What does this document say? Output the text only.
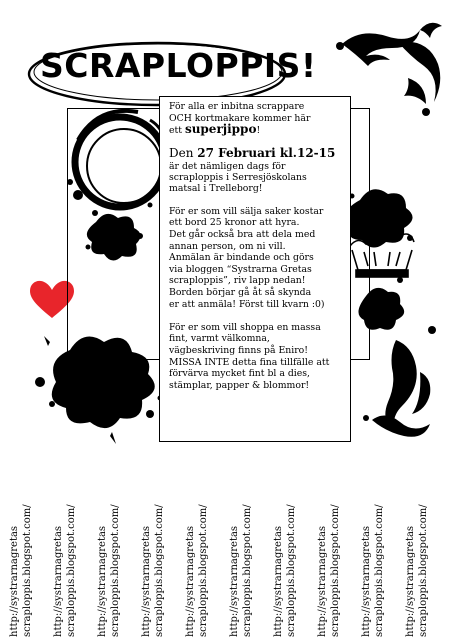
SCRAPLOPPIS!

För alla er inbitna scrappare
OCH kortmakare kommer här
ett superjippo!

Den 27 Februari kl.12-15
är det nämligen dags för
scraploppis i Serresjöskolans
matsal i Trelleborg!

För er som vill sälja saker kostar
ett bord 25 kronor att hyra.
Det går också bra att dela med
annan person, om ni vill.
Anmälan är bindande och görs
via bloggen “Systrarna Gretas
scraploppis”, riv lapp nedan!
Borden börjar gå åt så skynda
er att anmäla! Först till kvarn :0)

För er som vill shoppa en massa
fint, varmt välkomna,
vägbeskriving finns på Eniro!
MISSA INTE detta fina tillfälle att
förvärva mycket fint bl a dies,
stämplar, papper & blommor!

http://systrarnagretas scraploppis.blogspot.com/ http://systrarnagretas scraploppis.blogspot.com/ http://systrarnagretas scraploppis.blogspot.com/ http://systrarnagretas scraploppis.blogspot.com/ http://systrarnagretas scraploppis.blogspot.com/ http://systrarnagretas scraploppis.blogspot.com/ http://systrarnagretas scraploppis.blogspot.com/ http://systrarnagretas scraploppis.blogspot.com/ http://systrarnagretas scraploppis.blogspot.com/ http://systrarnagretas scraploppis.blogspot.com/
